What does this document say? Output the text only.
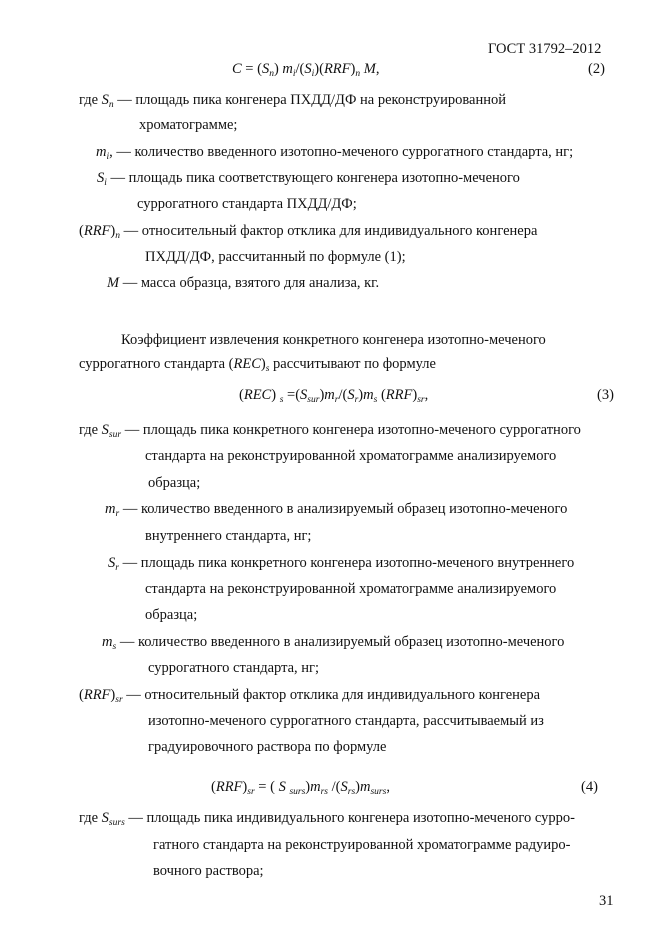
ГОСТ 31792–2012
$C = (S_n)$ $m_i/(S_i)(RRF)_n$ M,	(2)
где $S_n$ — площадь пика конгенера ПХДД/ДФ на реконструированной
хроматограмме;
$m_i$, — количество введенного изотопно-меченого суррогатного стандарта, нг;
$S_i$ — площадь пика соответствующего конгенера изотопно-меченого
суррогатного стандарта ПХДД/ДФ;
$(RRF)_n$ — относительный фактор отклика для индивидуального конгенера
ПХДД/ДФ, рассчитанный по формуле (1);
M — масса образца, взятого для анализа, кг.
Коэффициент извлечения конкретного конгенера изотопно-меченого
суррогатного стандарта $(REC)_s$ рассчитывают по формуле
(REC) $_s =(S_{sur})m_r/(S_r)m_s$ $(RRF)_{sr}$,	(3)
где $S_{sur}$ — площадь пика конкретного конгенера изотопно-меченого суррогатного
стандарта на реконструированной хроматограмме анализируемого
образца;
$m_r$ — количество введенного в анализируемый образец изотопно-меченого
внутреннего стандарта, нг;
$S_r$ — площадь пика конкретного конгенера изотопно-меченого внутреннего
стандарта на реконструированной хроматограмме анализируемого
образца;
$m_s$ — количество введенного в анализируемый образец изотопно-меченого
суррогатного стандарта, нг;
$(RRF)_{sr}$ — относительный фактор отклика для индивидуального конгенера
изотопно-меченого суррогатного стандарта, рассчитываемый из
градуировочного раствора по формуле
$(RRF)_{sr}$ = ( S $_{surs})m_{rs}$ $/(S_{rs})m_{surs}$,	(4)
где $S_{surs}$ — площадь пика индивидуального конгенера изотопно-меченого сурро-
гатного стандарта на реконструированной хроматограмме радуиро-
вочного раствора;
31
